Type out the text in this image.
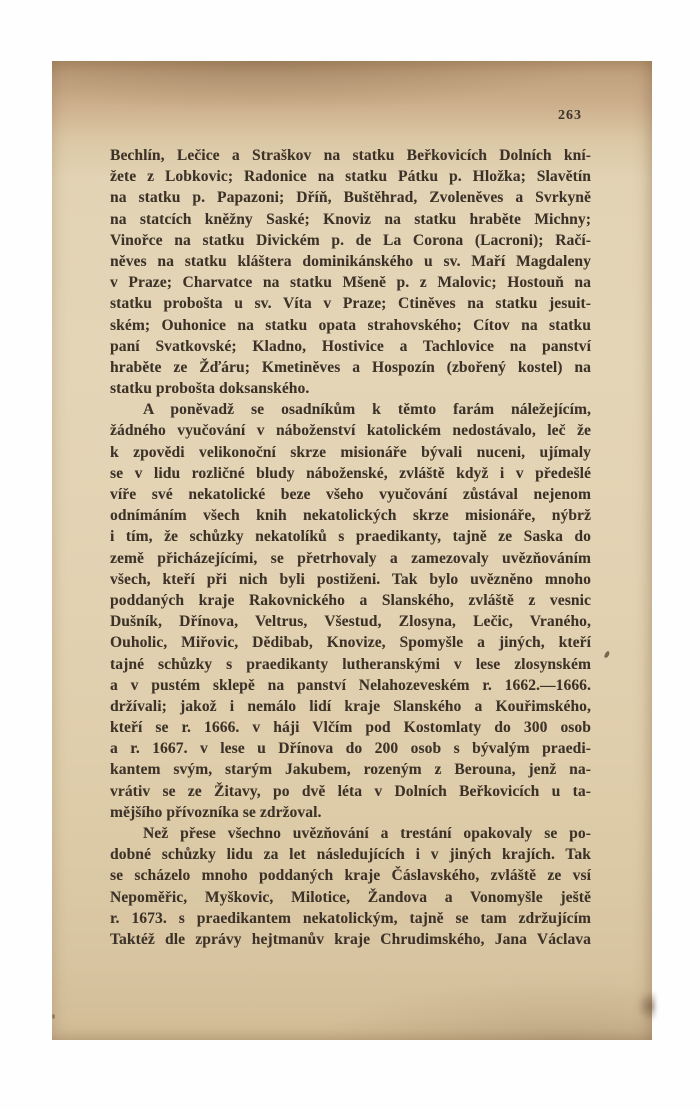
263
Bechlín, Lečice a Straškov na statku Beřkovicích Dolních kní-
žete z Lobkovic; Radonice na statku Pátku p. Hložka; Slavětín
na statku p. Papazoni; Dříň, Buštěhrad, Zvoleněves a Svrkyně
na statcích kněžny Saské; Knoviz na statku hraběte Michny;
Vinořce na statku Divickém p. de La Corona (Lacroni); Račí-
něves na statku kláštera dominikánského u sv. Maří Magdaleny
v Praze; Charvatce na statku Mšeně p. z Malovic; Hostouň na
statku probošta u sv. Víta v Praze; Ctiněves na statku jesuit-
ském; Ouhonice na statku opata strahovského; Cítov na statku
paní Svatkovské; Kladno, Hostivice a Tachlovice na panství
hraběte ze Žďáru; Kmetiněves a Hospozín (zbořený kostel) na
statku probošta doksanského.
A poněvadž se osadníkům k těmto farám náležejícím,
žádného vyučování v náboženství katolickém nedostávalo, leč že
k zpovědi velikonoční skrze misionáře bývali nuceni, ujímaly
se v lidu rozličné bludy náboženské, zvláště když i v předešlé
víře své nekatolické beze všeho vyučování zůstával nejenom
odnímáním všech knih nekatolických skrze misionáře, nýbrž
i tím, že schůzky nekatolíků s praedikanty, tajně ze Saska do
země přicházejícími, se přetrhovaly a zamezovaly uvězňováním
všech, kteří při nich byli postiženi. Tak bylo uvězněno mnoho
poddaných kraje Rakovnického a Slanského, zvláště z vesnic
Dušník, Dřínova, Veltrus, Všestud, Zlosyna, Lečic, Vraného,
Ouholic, Miřovic, Dědibab, Knovize, Spomyšle a jiných, kteří
tajné schůzky s praedikanty lutheranskými v lese zlosynském
a v pustém sklepě na panství Nelahozeveském r. 1662.—1666.
držívali; jakož i nemálo lidí kraje Slanského a Kouřimského,
kteří se r. 1666. v háji Vlčím pod Kostomlaty do 300 osob
a r. 1667. v lese u Dřínova do 200 osob s bývalým praedi-
kantem svým, starým Jakubem, rozeným z Berouna, jenž na-
vrátiv se ze Žitavy, po dvě léta v Dolních Beřkovicích u ta-
mějšího přívozníka se zdržoval.
Než přese všechno uvězňování a trestání opakovaly se po-
dobné schůzky lidu za let následujících i v jiných krajích. Tak
se scházelo mnoho poddaných kraje Čáslavského, zvláště ze vsí
Nepoměřic, Myškovic, Milotice, Žandova a Vonomyšle ještě
r. 1673. s praedikantem nekatolickým, tajně se tam zdržujícím
Taktéž dle zprávy hejtmanův kraje Chrudimského, Jana Václava
